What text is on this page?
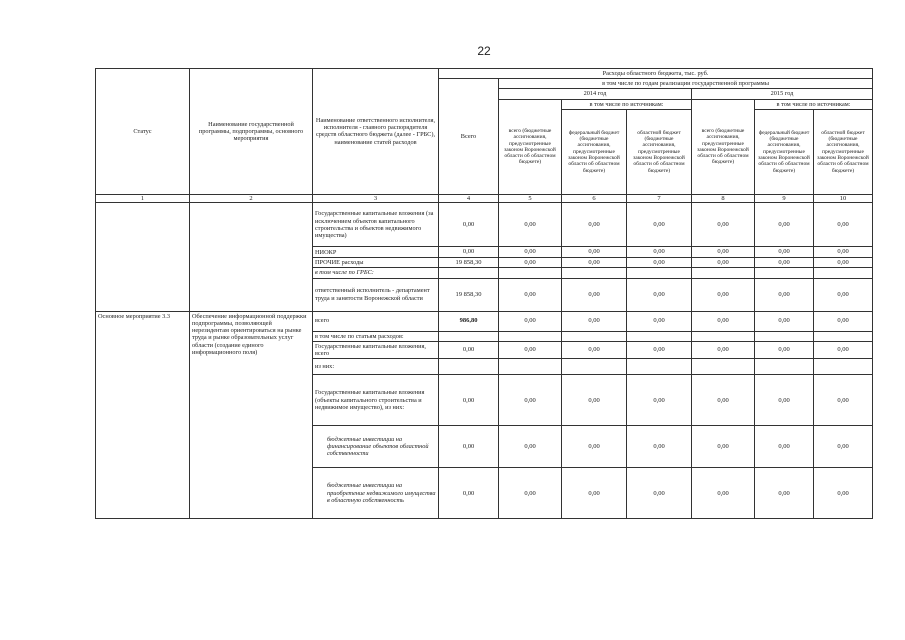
22
Статус	Наименование государственной программы, подпрограммы, основного мероприятия	Наименование ответственного исполнителя, исполнителя - главного распорядителя средств областного бюджета (далее - ГРБС), наименование статей расходов	Расходы областного бюджета, тыс. руб.						
			Всего	в том числе по годам реализации государственной программы					
				2014 год			2015 год		
				всего (бюджетные ассигнования, предусмотренные законом Воронежской области об областном бюджете)	в том числе по источникам:		всего (бюджетные ассигнования, предусмотренные законом Воронежской области об областном бюджете)	в том числе по источникам:	
					федеральный бюджет (бюджетные ассигнования, предусмотренные законом Воронежской области об областном бюджете)	областной бюджет (бюджетные ассигнования, предусмотренные законом Воронежской области об областном бюджете)		федеральный бюджет (бюджетные ассигнования, предусмотренные законом Воронежской области об областном бюджете)	областной бюджет (бюджетные ассигнования, предусмотренные законом Воронежской области об областном бюджете)
1	2	3	4	5	6	7	8	9	10
		Государственные капитальные вложения (за исключением объектов капитального строительства и объектов недвижимого имущества)	0,00	0,00	0,00	0,00	0,00	0,00	0,00
		НИОКР	0,00	0,00	0,00	0,00	0,00	0,00	0,00
		ПРОЧИЕ расходы	19 858,30	0,00	0,00	0,00	0,00	0,00	0,00
		в том числе по ГРБС:							
		ответственный исполнитель - департамент труда и занятости Воронежской области	19 858,30	0,00	0,00	0,00	0,00	0,00	0,00
Основное мероприятие 3.3	Обеспечение информационной поддержки подпрограммы, позволяющей нерезидентам ориентироваться на рынке труда и рынке образовательных услуг области (создание единого информационного поля)	всего	986,80	0,00	0,00	0,00	0,00	0,00	0,00
		в том числе по статьям расходов:							
		Государственные капитальные вложения, всего	0,00	0,00	0,00	0,00	0,00	0,00	0,00
		из них:							
		Государственные капитальные вложения (объекты капитального строительства и недвижимое имущество), из них:	0,00	0,00	0,00	0,00	0,00	0,00	0,00
		бюджетные инвестиции на финансирование объектов областной собственности	0,00	0,00	0,00	0,00	0,00	0,00	0,00
		бюджетные инвестиции на приобретение недвижимого имущества в областную собственность	0,00	0,00	0,00	0,00	0,00	0,00	0,00
